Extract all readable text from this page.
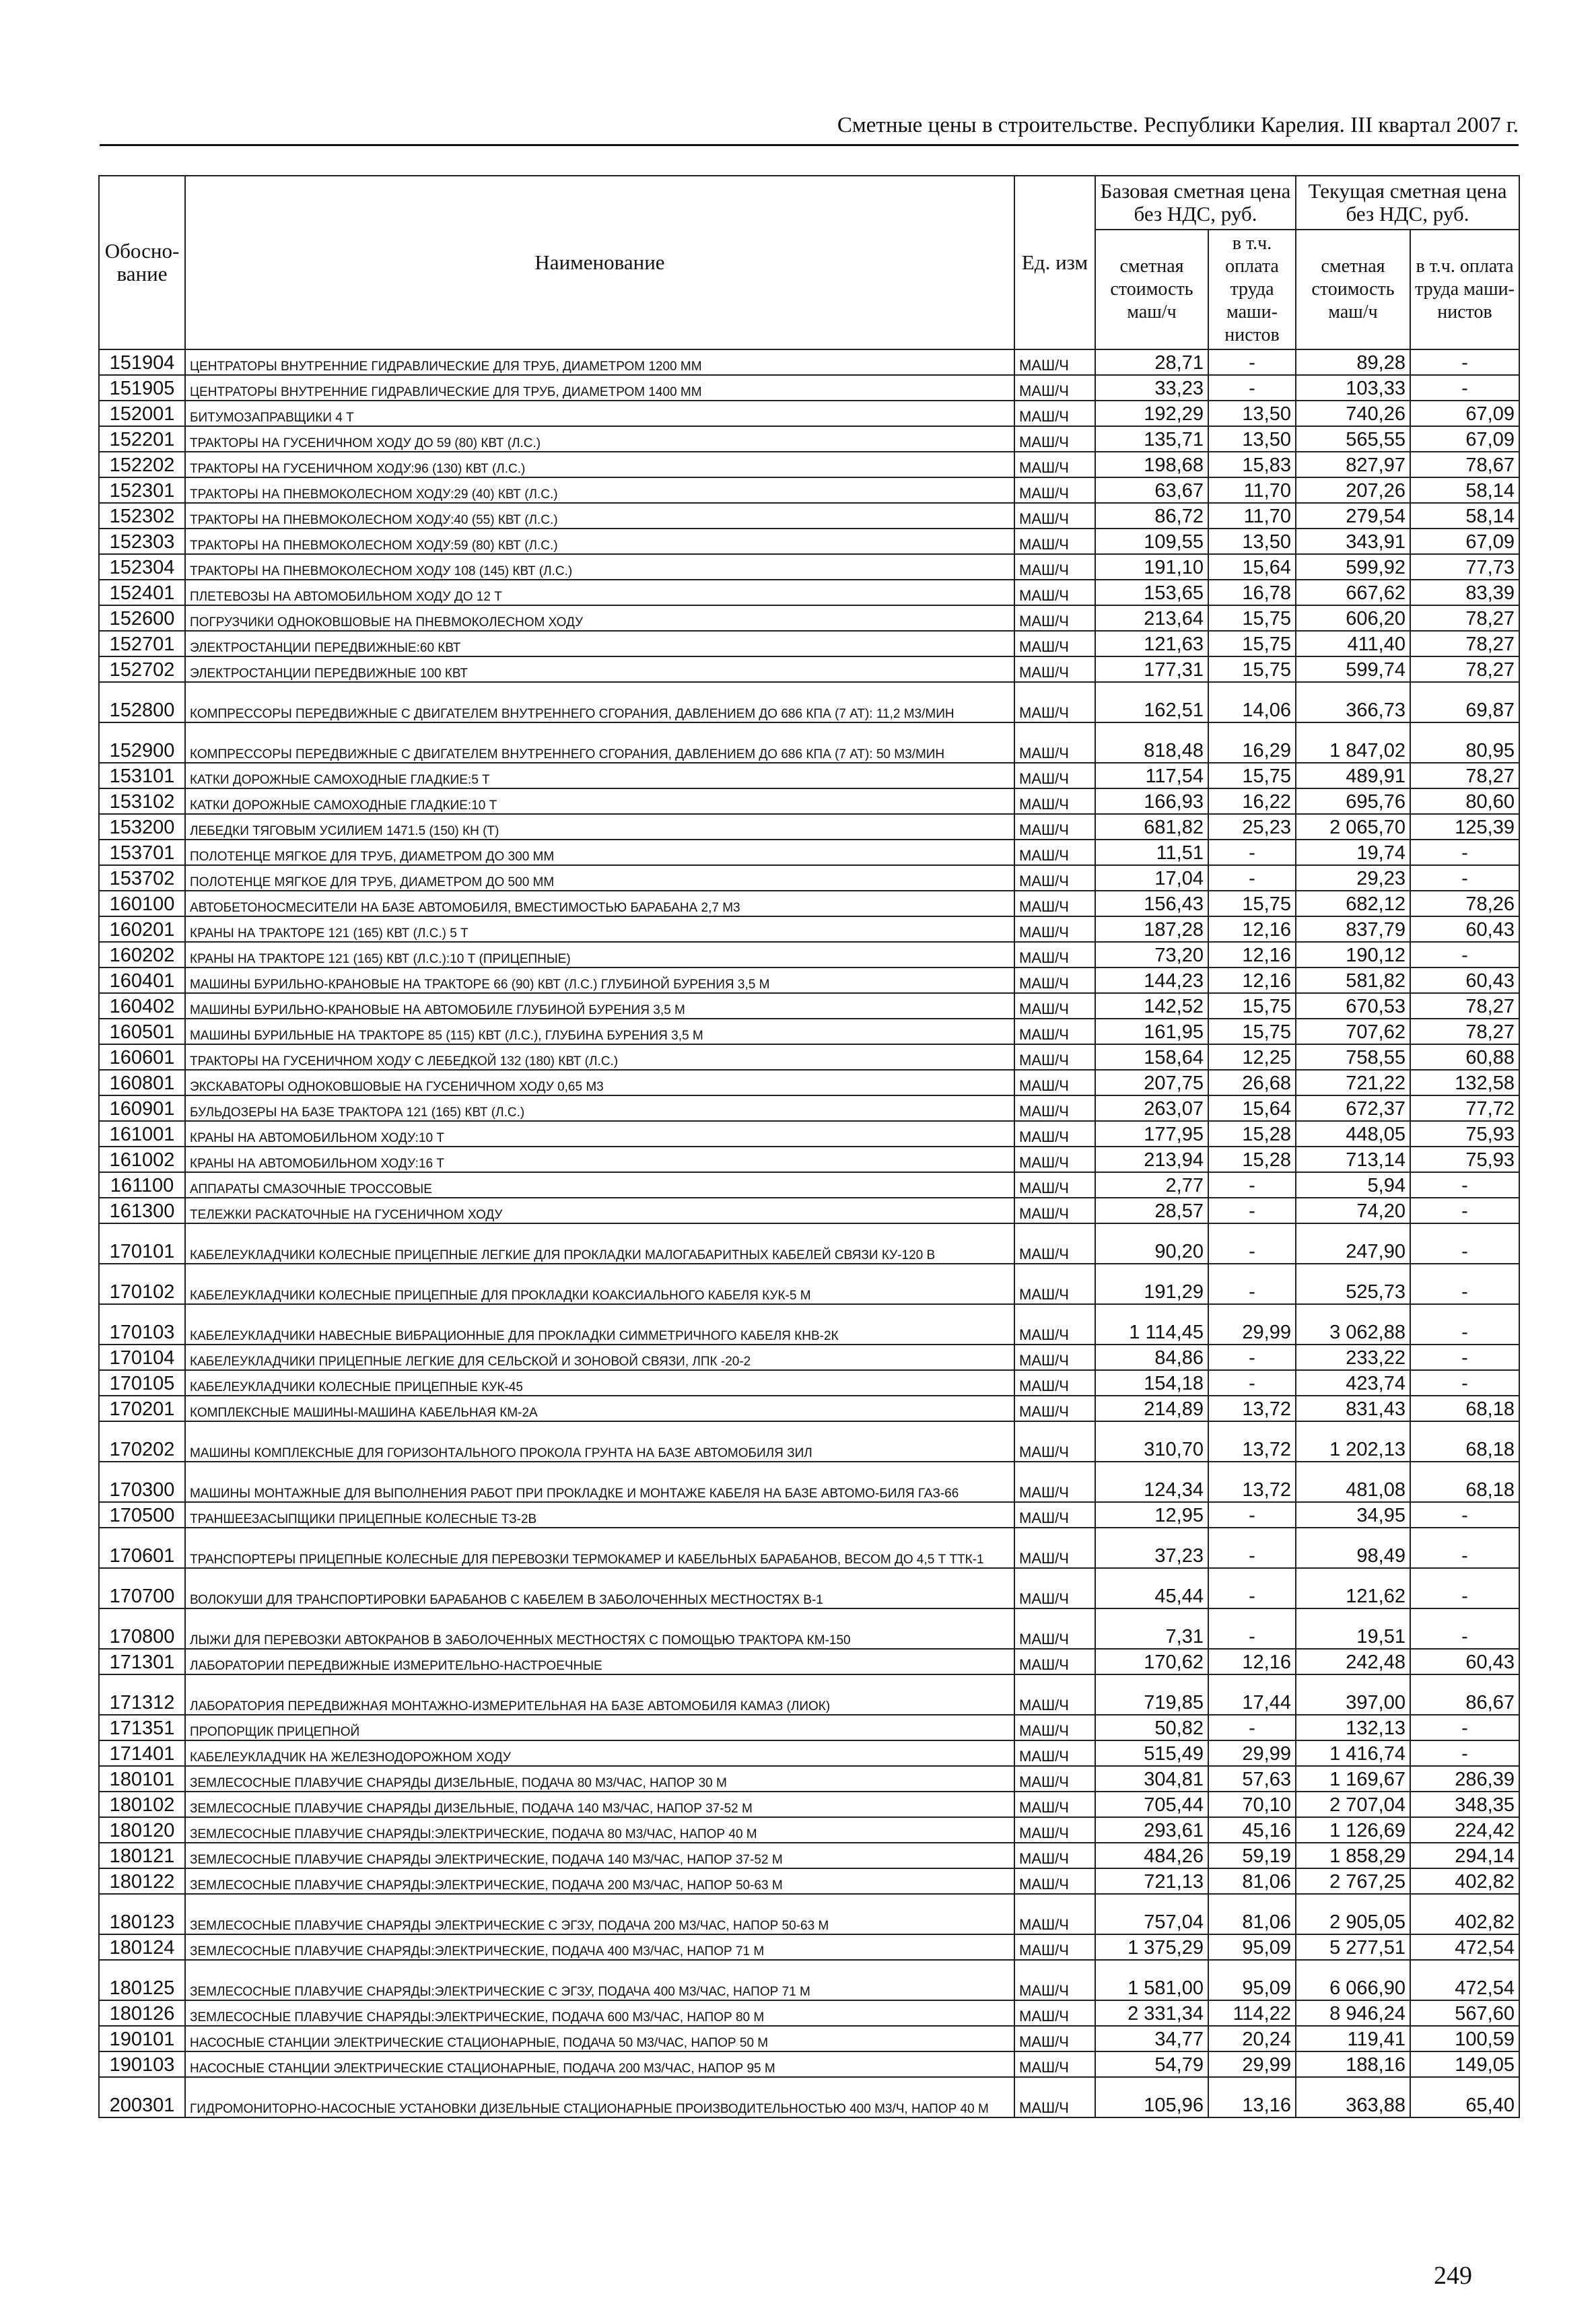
Сметные цены в строительстве. Республики Карелия. III квартал 2007 г.
Обосно-вание	Наименование	Ед. изм	Базовая сметная цена без НДС, руб.		Текущая сметная цена без НДС, руб.	
			сметная стоимость маш/ч	в т.ч. оплата труда маши-нистов	сметная стоимость маш/ч	в т.ч. оплата труда маши-нистов
151904	ЦЕНТРАТОРЫ ВНУТРЕННИЕ ГИДРАВЛИЧЕСКИЕ ДЛЯ ТРУБ, ДИАМЕТРОМ 1200 ММ	МАШ/Ч	28,71	-	89,28	-
151905	ЦЕНТРАТОРЫ ВНУТРЕННИЕ ГИДРАВЛИЧЕСКИЕ ДЛЯ ТРУБ, ДИАМЕТРОМ 1400 ММ	МАШ/Ч	33,23	-	103,33	-
152001	БИТУМОЗАПРАВЩИКИ 4 Т	МАШ/Ч	192,29	13,50	740,26	67,09
152201	ТРАКТОРЫ НА ГУСЕНИЧНОМ ХОДУ ДО 59 (80) КВТ (Л.С.)	МАШ/Ч	135,71	13,50	565,55	67,09
152202	ТРАКТОРЫ НА ГУСЕНИЧНОМ ХОДУ:96 (130) КВТ (Л.С.)	МАШ/Ч	198,68	15,83	827,97	78,67
152301	ТРАКТОРЫ НА ПНЕВМОКОЛЕСНОМ ХОДУ:29 (40) КВТ (Л.С.)	МАШ/Ч	63,67	11,70	207,26	58,14
152302	ТРАКТОРЫ НА ПНЕВМОКОЛЕСНОМ ХОДУ:40 (55) КВТ (Л.С.)	МАШ/Ч	86,72	11,70	279,54	58,14
152303	ТРАКТОРЫ НА ПНЕВМОКОЛЕСНОМ ХОДУ:59 (80) КВТ (Л.С.)	МАШ/Ч	109,55	13,50	343,91	67,09
152304	ТРАКТОРЫ НА ПНЕВМОКОЛЕСНОМ ХОДУ 108 (145) КВТ (Л.С.)	МАШ/Ч	191,10	15,64	599,92	77,73
152401	ПЛЕТЕВОЗЫ НА АВТОМОБИЛЬНОМ ХОДУ ДО 12 Т	МАШ/Ч	153,65	16,78	667,62	83,39
152600	ПОГРУЗЧИКИ ОДНОКОВШОВЫЕ НА ПНЕВМОКОЛЕСНОМ ХОДУ	МАШ/Ч	213,64	15,75	606,20	78,27
152701	ЭЛЕКТРОСТАНЦИИ ПЕРЕДВИЖНЫЕ:60 КВТ	МАШ/Ч	121,63	15,75	411,40	78,27
152702	ЭЛЕКТРОСТАНЦИИ ПЕРЕДВИЖНЫЕ 100 КВТ	МАШ/Ч	177,31	15,75	599,74	78,27
152800	КОМПРЕССОРЫ ПЕРЕДВИЖНЫЕ С ДВИГАТЕЛЕМ ВНУТРЕННЕГО СГОРАНИЯ, ДАВЛЕНИЕМ ДО 686 КПА (7 АТ): 11,2 М3/МИН	МАШ/Ч	162,51	14,06	366,73	69,87
152900	КОМПРЕССОРЫ ПЕРЕДВИЖНЫЕ С ДВИГАТЕЛЕМ ВНУТРЕННЕГО СГОРАНИЯ, ДАВЛЕНИЕМ ДО 686 КПА (7 АТ): 50 М3/МИН	МАШ/Ч	818,48	16,29	1 847,02	80,95
153101	КАТКИ ДОРОЖНЫЕ САМОХОДНЫЕ ГЛАДКИЕ:5 Т	МАШ/Ч	117,54	15,75	489,91	78,27
153102	КАТКИ ДОРОЖНЫЕ САМОХОДНЫЕ ГЛАДКИЕ:10 Т	МАШ/Ч	166,93	16,22	695,76	80,60
153200	ЛЕБЕДКИ ТЯГОВЫМ УСИЛИЕМ 1471.5 (150) КН (Т)	МАШ/Ч	681,82	25,23	2 065,70	125,39
153701	ПОЛОТЕНЦЕ МЯГКОЕ ДЛЯ ТРУБ, ДИАМЕТРОМ ДО 300 ММ	МАШ/Ч	11,51	-	19,74	-
153702	ПОЛОТЕНЦЕ МЯГКОЕ ДЛЯ ТРУБ, ДИАМЕТРОМ ДО 500 ММ	МАШ/Ч	17,04	-	29,23	-
160100	АВТОБЕТОНОСМЕСИТЕЛИ НА БАЗЕ АВТОМОБИЛЯ, ВМЕСТИМОСТЬЮ БАРАБАНА 2,7 М3	МАШ/Ч	156,43	15,75	682,12	78,26
160201	КРАНЫ НА ТРАКТОРЕ 121 (165) КВТ (Л.С.) 5 Т	МАШ/Ч	187,28	12,16	837,79	60,43
160202	КРАНЫ НА ТРАКТОРЕ 121 (165) КВТ (Л.С.):10 Т (ПРИЦЕПНЫЕ)	МАШ/Ч	73,20	12,16	190,12	-
160401	МАШИНЫ БУРИЛЬНО-КРАНОВЫЕ НА ТРАКТОРЕ 66 (90) КВТ (Л.С.) ГЛУБИНОЙ БУРЕНИЯ 3,5 М	МАШ/Ч	144,23	12,16	581,82	60,43
160402	МАШИНЫ БУРИЛЬНО-КРАНОВЫЕ НА АВТОМОБИЛЕ ГЛУБИНОЙ БУРЕНИЯ 3,5 М	МАШ/Ч	142,52	15,75	670,53	78,27
160501	МАШИНЫ БУРИЛЬНЫЕ НА ТРАКТОРЕ 85 (115) КВТ (Л.С.), ГЛУБИНА БУРЕНИЯ 3,5 М	МАШ/Ч	161,95	15,75	707,62	78,27
160601	ТРАКТОРЫ НА ГУСЕНИЧНОМ ХОДУ С ЛЕБЕДКОЙ 132 (180) КВТ (Л.С.)	МАШ/Ч	158,64	12,25	758,55	60,88
160801	ЭКСКАВАТОРЫ ОДНОКОВШОВЫЕ НА ГУСЕНИЧНОМ ХОДУ 0,65 М3	МАШ/Ч	207,75	26,68	721,22	132,58
160901	БУЛЬДОЗЕРЫ НА БАЗЕ ТРАКТОРА 121 (165) КВТ (Л.С.)	МАШ/Ч	263,07	15,64	672,37	77,72
161001	КРАНЫ НА АВТОМОБИЛЬНОМ ХОДУ:10 Т	МАШ/Ч	177,95	15,28	448,05	75,93
161002	КРАНЫ НА АВТОМОБИЛЬНОМ ХОДУ:16 Т	МАШ/Ч	213,94	15,28	713,14	75,93
161100	АППАРАТЫ СМАЗОЧНЫЕ ТРОССОВЫЕ	МАШ/Ч	2,77	-	5,94	-
161300	ТЕЛЕЖКИ РАСКАТОЧНЫЕ НА ГУСЕНИЧНОМ ХОДУ	МАШ/Ч	28,57	-	74,20	-
170101	КАБЕЛЕУКЛАДЧИКИ КОЛЕСНЫЕ ПРИЦЕПНЫЕ ЛЕГКИЕ ДЛЯ ПРОКЛАДКИ МАЛОГАБАРИТНЫХ КАБЕЛЕЙ СВЯЗИ КУ-120 В	МАШ/Ч	90,20	-	247,90	-
170102	КАБЕЛЕУКЛАДЧИКИ КОЛЕСНЫЕ ПРИЦЕПНЫЕ ДЛЯ ПРОКЛАДКИ КОАКСИАЛЬНОГО КАБЕЛЯ КУК-5 М	МАШ/Ч	191,29	-	525,73	-
170103	КАБЕЛЕУКЛАДЧИКИ НАВЕСНЫЕ ВИБРАЦИОННЫЕ ДЛЯ ПРОКЛАДКИ СИММЕТРИЧНОГО КАБЕЛЯ КНВ-2К	МАШ/Ч	1 114,45	29,99	3 062,88	-
170104	КАБЕЛЕУКЛАДЧИКИ ПРИЦЕПНЫЕ ЛЕГКИЕ ДЛЯ СЕЛЬСКОЙ И ЗОНОВОЙ СВЯЗИ, ЛПК -20-2	МАШ/Ч	84,86	-	233,22	-
170105	КАБЕЛЕУКЛАДЧИКИ КОЛЕСНЫЕ ПРИЦЕПНЫЕ КУК-45	МАШ/Ч	154,18	-	423,74	-
170201	КОМПЛЕКСНЫЕ МАШИНЫ-МАШИНА КАБЕЛЬНАЯ КМ-2А	МАШ/Ч	214,89	13,72	831,43	68,18
170202	МАШИНЫ КОМПЛЕКСНЫЕ ДЛЯ ГОРИЗОНТАЛЬНОГО ПРОКОЛА ГРУНТА НА БАЗЕ АВТОМОБИЛЯ ЗИЛ	МАШ/Ч	310,70	13,72	1 202,13	68,18
170300	МАШИНЫ МОНТАЖНЫЕ ДЛЯ ВЫПОЛНЕНИЯ РАБОТ ПРИ ПРОКЛАДКЕ И МОНТАЖЕ КАБЕЛЯ НА БАЗЕ АВТОМО-БИЛЯ ГАЗ-66	МАШ/Ч	124,34	13,72	481,08	68,18
170500	ТРАНШЕЕЗАСЫПЩИКИ ПРИЦЕПНЫЕ КОЛЕСНЫЕ ТЗ-2В	МАШ/Ч	12,95	-	34,95	-
170601	ТРАНСПОРТЕРЫ ПРИЦЕПНЫЕ КОЛЕСНЫЕ ДЛЯ ПЕРЕВОЗКИ ТЕРМОКАМЕР И КАБЕЛЬНЫХ БАРАБАНОВ, ВЕСОМ ДО 4,5 Т ТТК-1	МАШ/Ч	37,23	-	98,49	-
170700	ВОЛОКУШИ ДЛЯ ТРАНСПОРТИРОВКИ БАРАБАНОВ С КАБЕЛЕМ В ЗАБОЛОЧЕННЫХ МЕСТНОСТЯХ В-1	МАШ/Ч	45,44	-	121,62	-
170800	ЛЫЖИ ДЛЯ ПЕРЕВОЗКИ АВТОКРАНОВ В ЗАБОЛОЧЕННЫХ МЕСТНОСТЯХ С ПОМОЩЬЮ ТРАКТОРА КМ-150	МАШ/Ч	7,31	-	19,51	-
171301	ЛАБОРАТОРИИ ПЕРЕДВИЖНЫЕ ИЗМЕРИТЕЛЬНО-НАСТРОЕЧНЫЕ	МАШ/Ч	170,62	12,16	242,48	60,43
171312	ЛАБОРАТОРИЯ ПЕРЕДВИЖНАЯ МОНТАЖНО-ИЗМЕРИТЕЛЬНАЯ НА БАЗЕ АВТОМОБИЛЯ КАМАЗ (ЛИОК)	МАШ/Ч	719,85	17,44	397,00	86,67
171351	ПРОПОРЩИК ПРИЦЕПНОЙ	МАШ/Ч	50,82	-	132,13	-
171401	КАБЕЛЕУКЛАДЧИК НА ЖЕЛЕЗНОДОРОЖНОМ ХОДУ	МАШ/Ч	515,49	29,99	1 416,74	-
180101	ЗЕМЛЕСОСНЫЕ ПЛАВУЧИЕ СНАРЯДЫ ДИЗЕЛЬНЫЕ, ПОДАЧА 80 М3/ЧАС, НАПОР 30 М	МАШ/Ч	304,81	57,63	1 169,67	286,39
180102	ЗЕМЛЕСОСНЫЕ ПЛАВУЧИЕ СНАРЯДЫ ДИЗЕЛЬНЫЕ, ПОДАЧА 140 М3/ЧАС, НАПОР 37-52 М	МАШ/Ч	705,44	70,10	2 707,04	348,35
180120	ЗЕМЛЕСОСНЫЕ ПЛАВУЧИЕ СНАРЯДЫ:ЭЛЕКТРИЧЕСКИЕ, ПОДАЧА 80 М3/ЧАС, НАПОР 40 М	МАШ/Ч	293,61	45,16	1 126,69	224,42
180121	ЗЕМЛЕСОСНЫЕ ПЛАВУЧИЕ СНАРЯДЫ ЭЛЕКТРИЧЕСКИЕ, ПОДАЧА 140 М3/ЧАС, НАПОР 37-52 М	МАШ/Ч	484,26	59,19	1 858,29	294,14
180122	ЗЕМЛЕСОСНЫЕ ПЛАВУЧИЕ СНАРЯДЫ:ЭЛЕКТРИЧЕСКИЕ, ПОДАЧА 200 М3/ЧАС, НАПОР 50-63 М	МАШ/Ч	721,13	81,06	2 767,25	402,82
180123	ЗЕМЛЕСОСНЫЕ ПЛАВУЧИЕ СНАРЯДЫ ЭЛЕКТРИЧЕСКИЕ С ЭГЗУ, ПОДАЧА 200 М3/ЧАС, НАПОР 50-63 М	МАШ/Ч	757,04	81,06	2 905,05	402,82
180124	ЗЕМЛЕСОСНЫЕ ПЛАВУЧИЕ СНАРЯДЫ:ЭЛЕКТРИЧЕСКИЕ, ПОДАЧА 400 М3/ЧАС, НАПОР 71 М	МАШ/Ч	1 375,29	95,09	5 277,51	472,54
180125	ЗЕМЛЕСОСНЫЕ ПЛАВУЧИЕ СНАРЯДЫ:ЭЛЕКТРИЧЕСКИЕ С ЭГЗУ, ПОДАЧА 400 М3/ЧАС, НАПОР 71 М	МАШ/Ч	1 581,00	95,09	6 066,90	472,54
180126	ЗЕМЛЕСОСНЫЕ ПЛАВУЧИЕ СНАРЯДЫ:ЭЛЕКТРИЧЕСКИЕ, ПОДАЧА 600 М3/ЧАС, НАПОР 80 М	МАШ/Ч	2 331,34	114,22	8 946,24	567,60
190101	НАСОСНЫЕ СТАНЦИИ ЭЛЕКТРИЧЕСКИЕ СТАЦИОНАРНЫЕ, ПОДАЧА 50 М3/ЧАС, НАПОР 50 М	МАШ/Ч	34,77	20,24	119,41	100,59
190103	НАСОСНЫЕ СТАНЦИИ ЭЛЕКТРИЧЕСКИЕ СТАЦИОНАРНЫЕ, ПОДАЧА 200 М3/ЧАС, НАПОР 95 М	МАШ/Ч	54,79	29,99	188,16	149,05
200301	ГИДРОМОНИТОРНО-НАСОСНЫЕ УСТАНОВКИ ДИЗЕЛЬНЫЕ СТАЦИОНАРНЫЕ ПРОИЗВОДИТЕЛЬНОСТЬЮ 400 М3/Ч, НАПОР 40 М	МАШ/Ч	105,96	13,16	363,88	65,40
249
